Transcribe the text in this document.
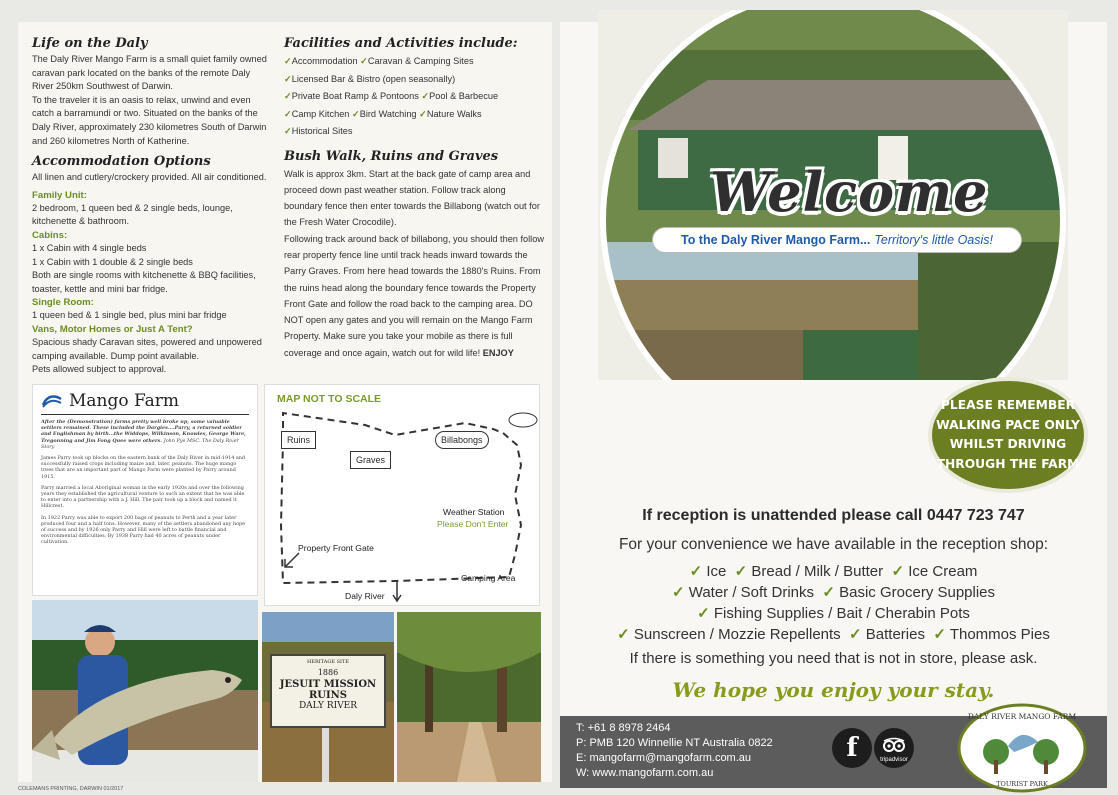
Life on the Daly

The Daly River Mango Farm is a small quiet family owned caravan park located on the banks of the remote Daly River 250km Southwest of Darwin.

To the traveler it is an oasis to relax, unwind and even catch a barramundi or two. Situated on the banks of the Daly River, approximately 230 kilometres South of Darwin and 260 kilometres North of Katherine.

Accommodation Options

All linen and cutlery/crockery provided. All air conditioned.

Family Unit:

2 bedroom, 1 queen bed & 2 single beds, lounge, kitchenette & bathroom.

Cabins:

1 x Cabin with 4 single beds

1 x Cabin with 1 double & 2 single beds

Both are single rooms with kitchenette & BBQ facilities, toaster, kettle and mini bar fridge.

Single Room:

1 queen bed & 1 single bed, plus mini bar fridge

Vans, Motor Homes or Just A Tent?

Spacious shady Caravan sites, powered and unpowered camping available. Dump point available.

Pets allowed subject to approval.

Facilities and Activities include:

✓Accommodation ✓Caravan & Camping Sites
✓Licensed Bar & Bistro (open seasonally)
✓Private Boat Ramp & Pontoons ✓Pool & Barbecue
✓Camp Kitchen ✓Bird Watching ✓Nature Walks
✓Historical Sites

Bush Walk, Ruins and Graves

Walk is approx 3km. Start at the back gate of camp area and proceed down past weather station. Follow track along boundary fence then enter towards the Billabong (watch out for the Fresh Water Crocodile).

Following track around back of billabong, you should then follow rear property fence line until track heads inward towards the Parry Graves. From here head towards the 1880's Ruins. From the ruins head along the boundary fence towards the Property Front Gate and follow the road back to the camping area. DO NOT open any gates and you will remain on the Mango Farm Property. Make sure you take your mobile as there is full coverage and once again, watch out for wild life! ENJOY

Mango Farm

After the (Demonstration) farms pretty well broke up, some valuable settlers remained. These included the Dargies....Parry, a returned soldier and Englishman by birth...the Widdops, Wilkinson, Knowles, George Ware, Tregonning and Jim Fong Quee were others. John Pye MSC. The Daly River Story

James Parry took up blocks on the eastern bank of the Daly River in mid-1914 and successfully raised crops including maize and, later, peanuts. The huge mango trees that are an important part of Mango Farm were planted by Parry around 1915.

Parry married a local Aboriginal woman in the early 1920s and over the following years they established the agricultural venture to such an extent that he was able to enter into a partnership with a J. Hill. The pair took up a block and named it Hillcrest.

In 1922 Parry was able to export 200 bags of peanuts to Perth and a year later produced four and a half tons. However, many of the settlers abandoned any hope of success and by 1926 only Parry and Hill were left to battle financial and environmental difficulties. By 1938 Parry had 40 acres of peanuts under cultivation.

MAP NOT TO SCALE
Ruins
Graves
Billabongs
Weather Station
Please Don't Enter
Property Front Gate
Camping Area
Daly River
HERITAGE SITE
1886
JESUIT MISSION
RUINS
DALY RIVER
COLEMANS PRINTING, DARWIN 01/2017
Welcome
To the Daly River Mango Farm... Territory's little Oasis!
PLEASE REMEMBER
WALKING PACE ONLY
WHILST DRIVING
THROUGH THE FARM
If reception is unattended please call 0447 723 747
For your convenience we have available in the reception shop:
✓ Ice ✓ Bread / Milk / Butter ✓ Ice Cream
✓ Water / Soft Drinks ✓ Basic Grocery Supplies
✓ Fishing Supplies / Bait / Cherabin Pots
✓ Sunscreen / Mozzie Repellents ✓ Batteries ✓ Thommos Pies
If there is something you need that is not in store, please ask.
We hope you enjoy your stay.
T: +61 8 8978 2464
P: PMB 120 Winnellie NT Australia 0822
E: mangofarm@mangofarm.com.au
W: www.mangofarm.com.au
f	tripadvisor
DALY RIVER MANGO FARM
TOURIST PARK
